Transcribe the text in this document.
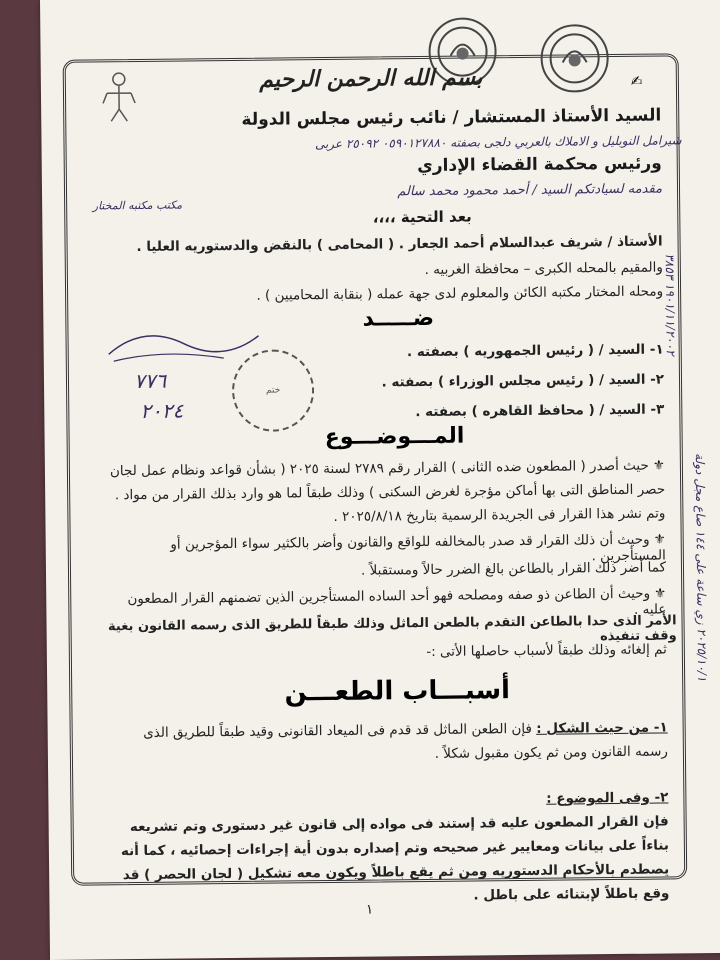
✍
بسم الله الرحمن الرحيم
السيد الأستاذ المستشار / نائب رئيس مجلس الدولة
شيرامل النوبليل و الاملاك بالعربي دلجى بصفته ٠٥٩٠١٢٧٨٨٠ ٢٥٠٩٢ عربى
ورئيس محكمة القضاء الإداري
مقدمه لسيادتكم السيد / أحمد محمود محمد سالم
مكتب مكتبه المختار
بعد التحية ،،،،
الأستاذ / شريف عبدالسلام أحمد الجعار . ( المحامى ) بالنقض والدستوريه العليا .
والمقيم بالمحله الكبرى – محافظة الغربيه .
ومحله المختار مكتبه الكائن والمعلوم لدى جهة عمله ( بنقابة المحاميين ) .
ضـــــد
١- السيد / ( رئيس الجمهوريه ) بصفته .
٢- السيد / ( رئيس مجلس الوزراء ) بصفته .
٣- السيد / ( محافظ القاهره ) بصفته .
ختم
٧٧٦
٢٠٢٤
المـــوضـــوع
⚜حيث أصدر ( المطعون ضده الثانى ) القرار رقم ٢٧٨٩ لسنة ٢٠٢٥ ( بشأن قواعد ونظام عمل لجان حصر المناطق التى بها أماكن مؤجرة لغرض السكنى ) وذلك طبقاً لما هو وارد بذلك القرار من مواد . وتم نشر هذا القرار فى الجريدة الرسمية بتاريخ ٢٠٢٥/٨/١٨ .
⚜وحيث أن ذلك القرار قد صدر بالمخالفه للواقع والقانون وأضر بالكثير سواء المؤجرين أو المستأجرين .
كما أضر ذلك القرار بالطاعن بالغ الضرر حالاً ومستقبلاً .
⚜وحيث أن الطاعن ذو صفه ومصلحه فهو أحد الساده المستأجرين الذين تضمنهم القرار المطعون عليه .
الأمر الذى حدا بالطاعن التقدم بالطعن الماثل وذلك طبقاً للطريق الذى رسمه القانون بغية وقف تنفيذه
ثم إلغائه وذلك طبقاً لأسباب حاصلها الأتى :-
أسبـــاب الطعـــن
١- من حيث الشكل : فإن الطعن الماثل قد قدم فى الميعاد القانونى وقيد طبقاً للطريق الذى رسمه القانون ومن ثم يكون مقبول شكلاً .
٢- وفى الموضوع :
فإن القرار المطعون عليه قد إستند فى مواده إلى قانون غير دستورى وتم تشريعه بناءاً على بيانات ومعايير غير صحيحه وتم إصداره بدون أية إجراءات إحصائيه ، كما أنه يصطدم بالأحكام الدستوريه ومن ثم يقع باطلاً ويكون معه تشكيل ( لجان الحصر ) قد وقع باطلاً لإبتنائه على باطل .
١٩٠١/١١/٢٠٠٢ ٣٨٥٣
٢٠٢٥/١٠/١ زي ساعة على ١٤٤ صاع مجل دولة
١
